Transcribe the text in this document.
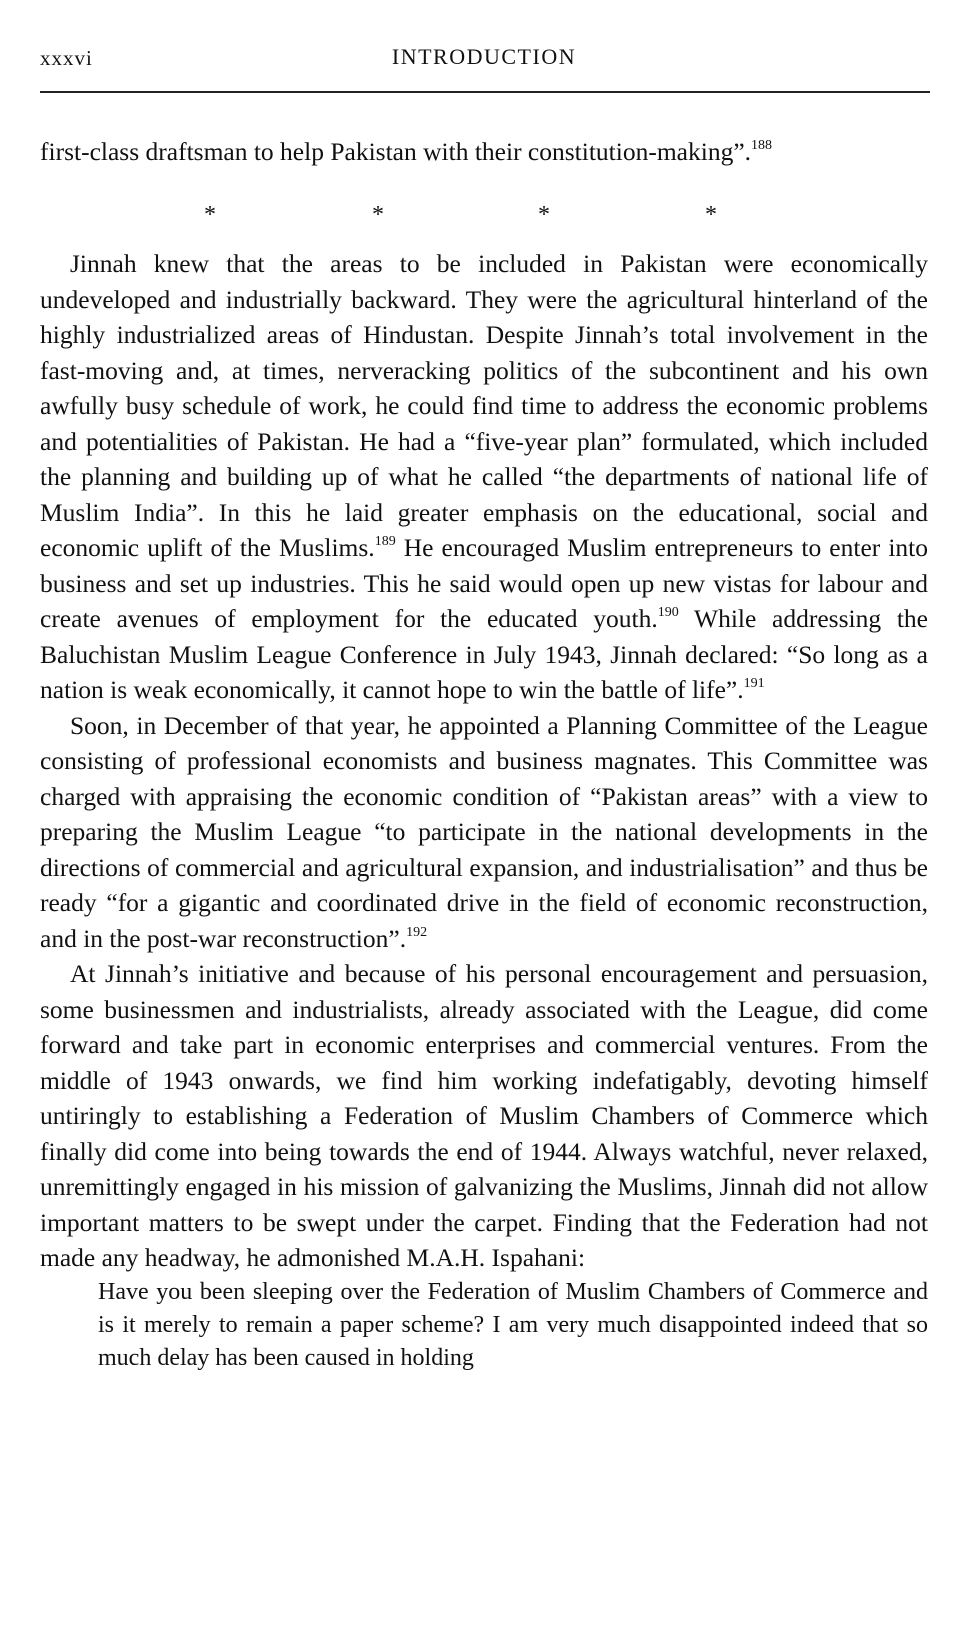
xxxvi	INTRODUCTION
first-class draftsman to help Pakistan with their constitution-making”.$^{188}$
*	*	*	*

Jinnah knew that the areas to be included in Pakistan were economically undeveloped and industrially backward. They were the agricultural hinterland of the highly industrialized areas of Hindustan. Despite Jinnah’s total involvement in the fast-moving and, at times, nerveracking politics of the subcontinent and his own awfully busy schedule of work, he could find time to address the economic problems and potentialities of Pakistan. He had a “five-year plan” formulated, which included the planning and building up of what he called “the departments of national life of Muslim India”. In this he laid greater emphasis on the educational, social and economic uplift of the Muslims.$^{189}$ He encouraged Muslim entrepreneurs to enter into business and set up industries. This he said would open up new vistas for labour and create avenues of employment for the educated youth.$^{190}$ While addressing the Baluchistan Muslim League Conference in July 1943, Jinnah declared: “So long as a nation is weak economically, it cannot hope to win the battle of life”.$^{191}$

Soon, in December of that year, he appointed a Planning Committee of the League consisting of professional economists and business magnates. This Committee was charged with appraising the economic condition of “Pakistan areas” with a view to preparing the Muslim League “to participate in the national developments in the directions of commercial and agricultural expansion, and industrialisation” and thus be ready “for a gigantic and coordinated drive in the field of economic reconstruction, and in the post-war reconstruction”.$^{192}$

At Jinnah’s initiative and because of his personal encouragement and persuasion, some businessmen and industrialists, already associated with the League, did come forward and take part in economic enterprises and commercial ventures. From the middle of 1943 onwards, we find him working indefatigably, devoting himself untiringly to establishing a Federation of Muslim Chambers of Commerce which finally did come into being towards the end of 1944. Always watchful, never relaxed, unremittingly engaged in his mission of galvanizing the Muslims, Jinnah did not allow important matters to be swept under the carpet. Finding that the Federation had not made any headway, he admonished M.A.H. Ispahani:

Have you been sleeping over the Federation of Muslim Chambers of Commerce and is it merely to remain a paper scheme? I am very much disappointed indeed that so much delay has been caused in holding
